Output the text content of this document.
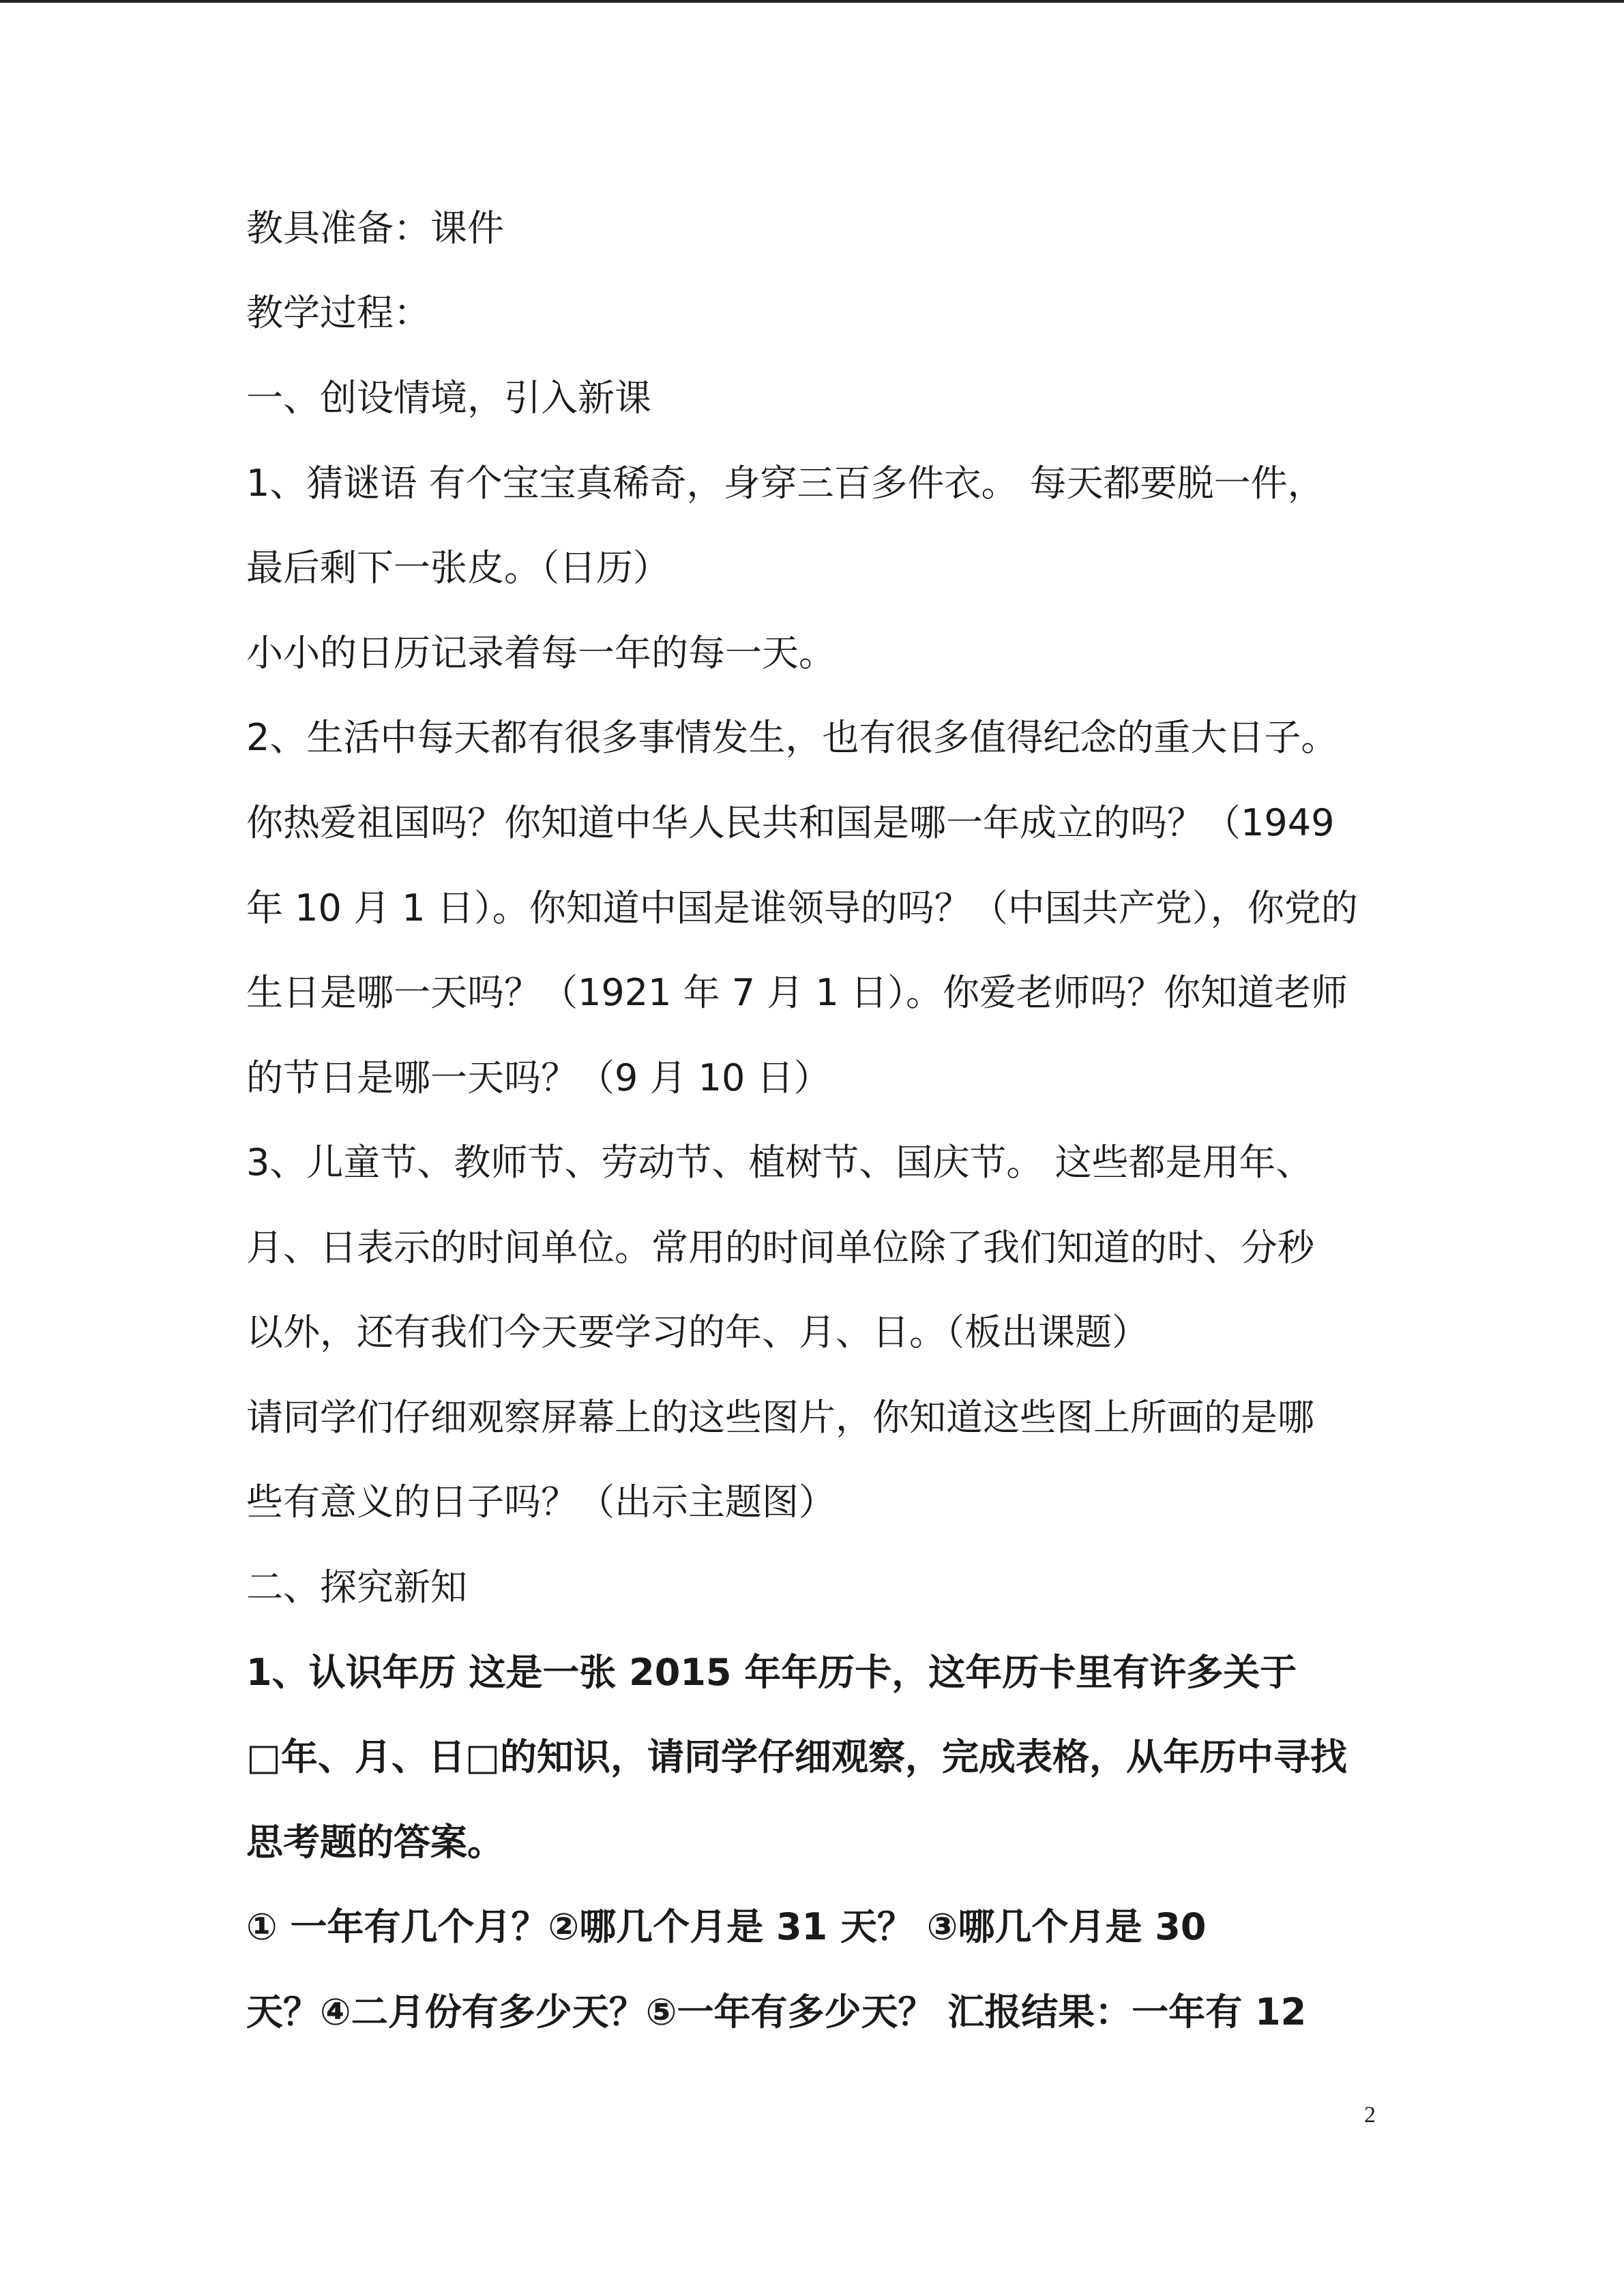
教具准备：课件
教学过程：
一、创设情境，引入新课
1、猜谜语 有个宝宝真稀奇，身穿三百多件衣。 每天都要脱一件，
最后剩下一张皮。（日历）
小小的日历记录着每一年的每一天。
2、生活中每天都有很多事情发生，也有很多值得纪念的重大日子。
你热爱祖国吗？你知道中华人民共和国是哪一年成立的吗？（1949
年 10 月 1 日）。你知道中国是谁领导的吗？（中国共产党），你党的
生日是哪一天吗？（1921 年 7 月 1 日）。你爱老师吗？你知道老师
的节日是哪一天吗？（9 月 10 日）
3、儿童节、教师节、劳动节、植树节、国庆节。 这些都是用年、
月、日表示的时间单位。常用的时间单位除了我们知道的时、分秒
以外，还有我们今天要学习的年、月、日。（板出课题）
请同学们仔细观察屏幕上的这些图片，你知道这些图上所画的是哪
些有意义的日子吗？（出示主题图）
二、探究新知
1、认识年历 这是一张 2015 年年历卡，这年历卡里有许多关于
□年、月、日□的知识，请同学仔细观察，完成表格，从年历中寻找
思考题的答案。
① 一年有几个月？②哪几个月是 31 天？ ③哪几个月是 30
天？④二月份有多少天？⑤一年有多少天？ 汇报结果：一年有 12
2
